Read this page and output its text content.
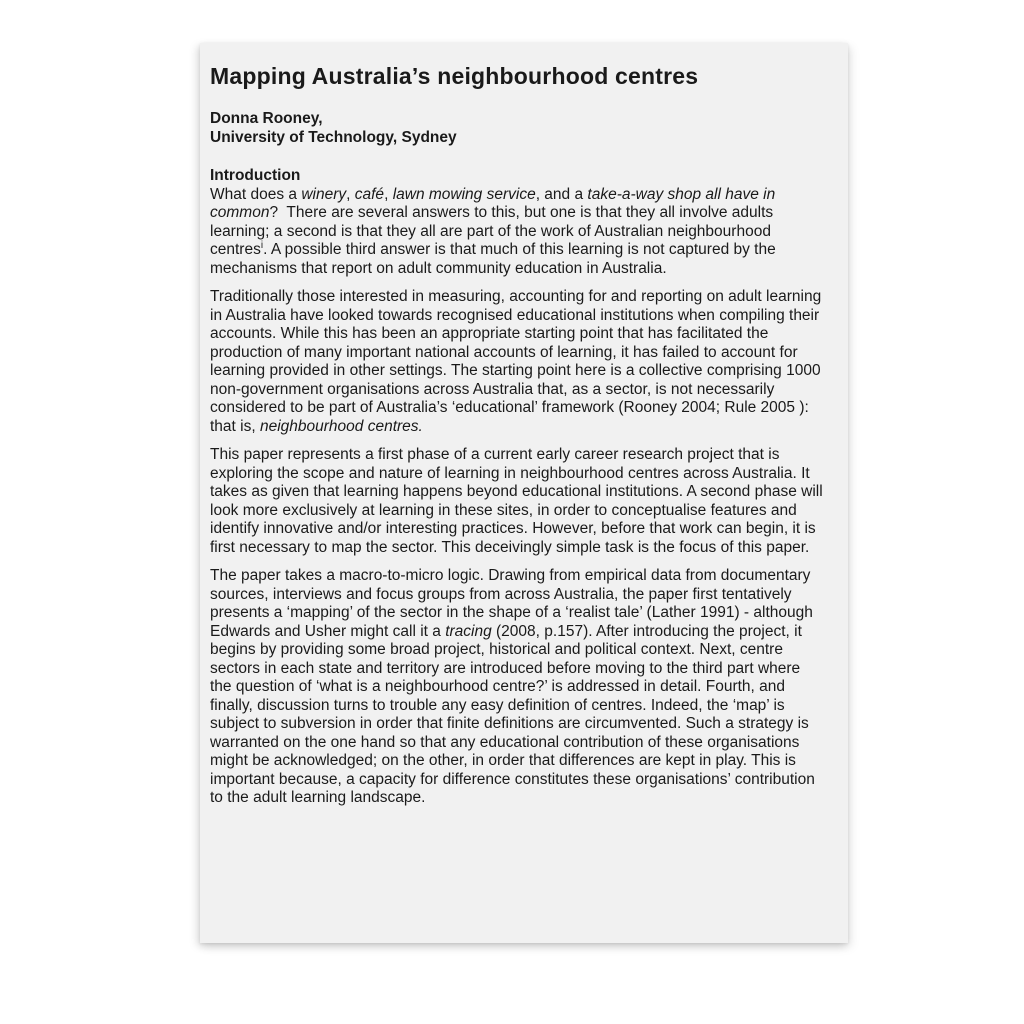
Mapping Australia’s neighbourhood centres
Donna Rooney,
University of Technology, Sydney
Introduction

What does a winery, café, lawn mowing service, and a take-a-way shop all have in common?  There are several answers to this, but one is that they all involve adults learning; a second is that they all are part of the work of Australian neighbourhood centres$^i$. A possible third answer is that much of this learning is not captured by the mechanisms that report on adult community education in Australia.

Traditionally those interested in measuring, accounting for and reporting on adult learning in Australia have looked towards recognised educational institutions when compiling their accounts. While this has been an appropriate starting point that has facilitated the production of many important national accounts of learning, it has failed to account for learning provided in other settings. The starting point here is a collective comprising 1000 non-government organisations across Australia that, as a sector, is not necessarily considered to be part of Australia’s ‘educational’ framework (Rooney 2004; Rule 2005 ): that is, neighbourhood centres.

This paper represents a first phase of a current early career research project that is exploring the scope and nature of learning in neighbourhood centres across Australia. It takes as given that learning happens beyond educational institutions. A second phase will look more exclusively at learning in these sites, in order to conceptualise features and identify innovative and/or interesting practices. However, before that work can begin, it is first necessary to map the sector. This deceivingly simple task is the focus of this paper.

The paper takes a macro-to-micro logic. Drawing from empirical data from documentary sources, interviews and focus groups from across Australia, the paper first tentatively presents a ‘mapping’ of the sector in the shape of a ‘realist tale’ (Lather 1991) - although Edwards and Usher might call it a tracing (2008, p.157). After introducing the project, it begins by providing some broad project, historical and political context. Next, centre sectors in each state and territory are introduced before moving to the third part where the question of ‘what is a neighbourhood centre?’ is addressed in detail. Fourth, and finally, discussion turns to trouble any easy definition of centres. Indeed, the ‘map’ is subject to subversion in order that finite definitions are circumvented. Such a strategy is warranted on the one hand so that any educational contribution of these organisations might be acknowledged; on the other, in order that differences are kept in play. This is important because, a capacity for difference constitutes these organisations’ contribution to the adult learning landscape.
